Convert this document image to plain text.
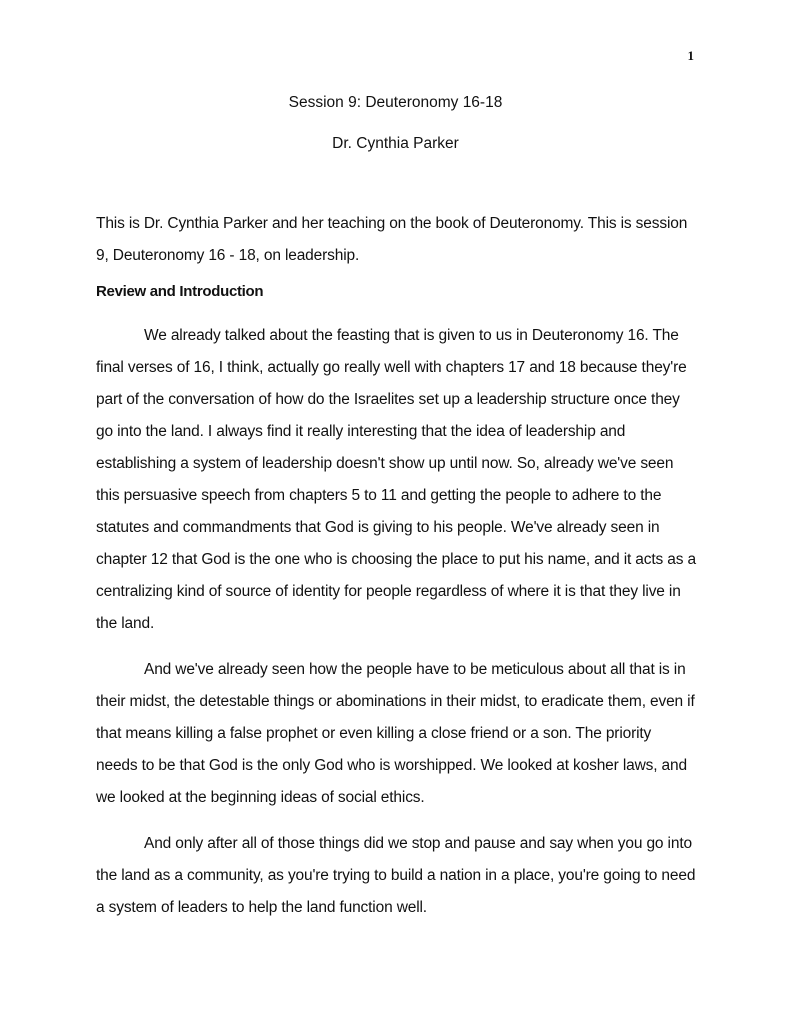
1
Session 9: Deuteronomy 16-18
Dr. Cynthia Parker
This is Dr. Cynthia Parker and her teaching on the book of Deuteronomy. This is session 9, Deuteronomy 16 - 18, on leadership.
Review and Introduction

We already talked about the feasting that is given to us in Deuteronomy 16. The final verses of 16, I think, actually go really well with chapters 17 and 18 because they're part of the conversation of how do the Israelites set up a leadership structure once they go into the land. I always find it really interesting that the idea of leadership and establishing a system of leadership doesn't show up until now. So, already we've seen this persuasive speech from chapters 5 to 11 and getting the people to adhere to the statutes and commandments that God is giving to his people. We've already seen in chapter 12 that God is the one who is choosing the place to put his name, and it acts as a centralizing kind of source of identity for people regardless of where it is that they live in the land.

And we've already seen how the people have to be meticulous about all that is in their midst, the detestable things or abominations in their midst, to eradicate them, even if that means killing a false prophet or even killing a close friend or a son. The priority needs to be that God is the only God who is worshipped. We looked at kosher laws, and we looked at the beginning ideas of social ethics.

And only after all of those things did we stop and pause and say when you go into the land as a community, as you're trying to build a nation in a place, you're going to need a system of leaders to help the land function well.
